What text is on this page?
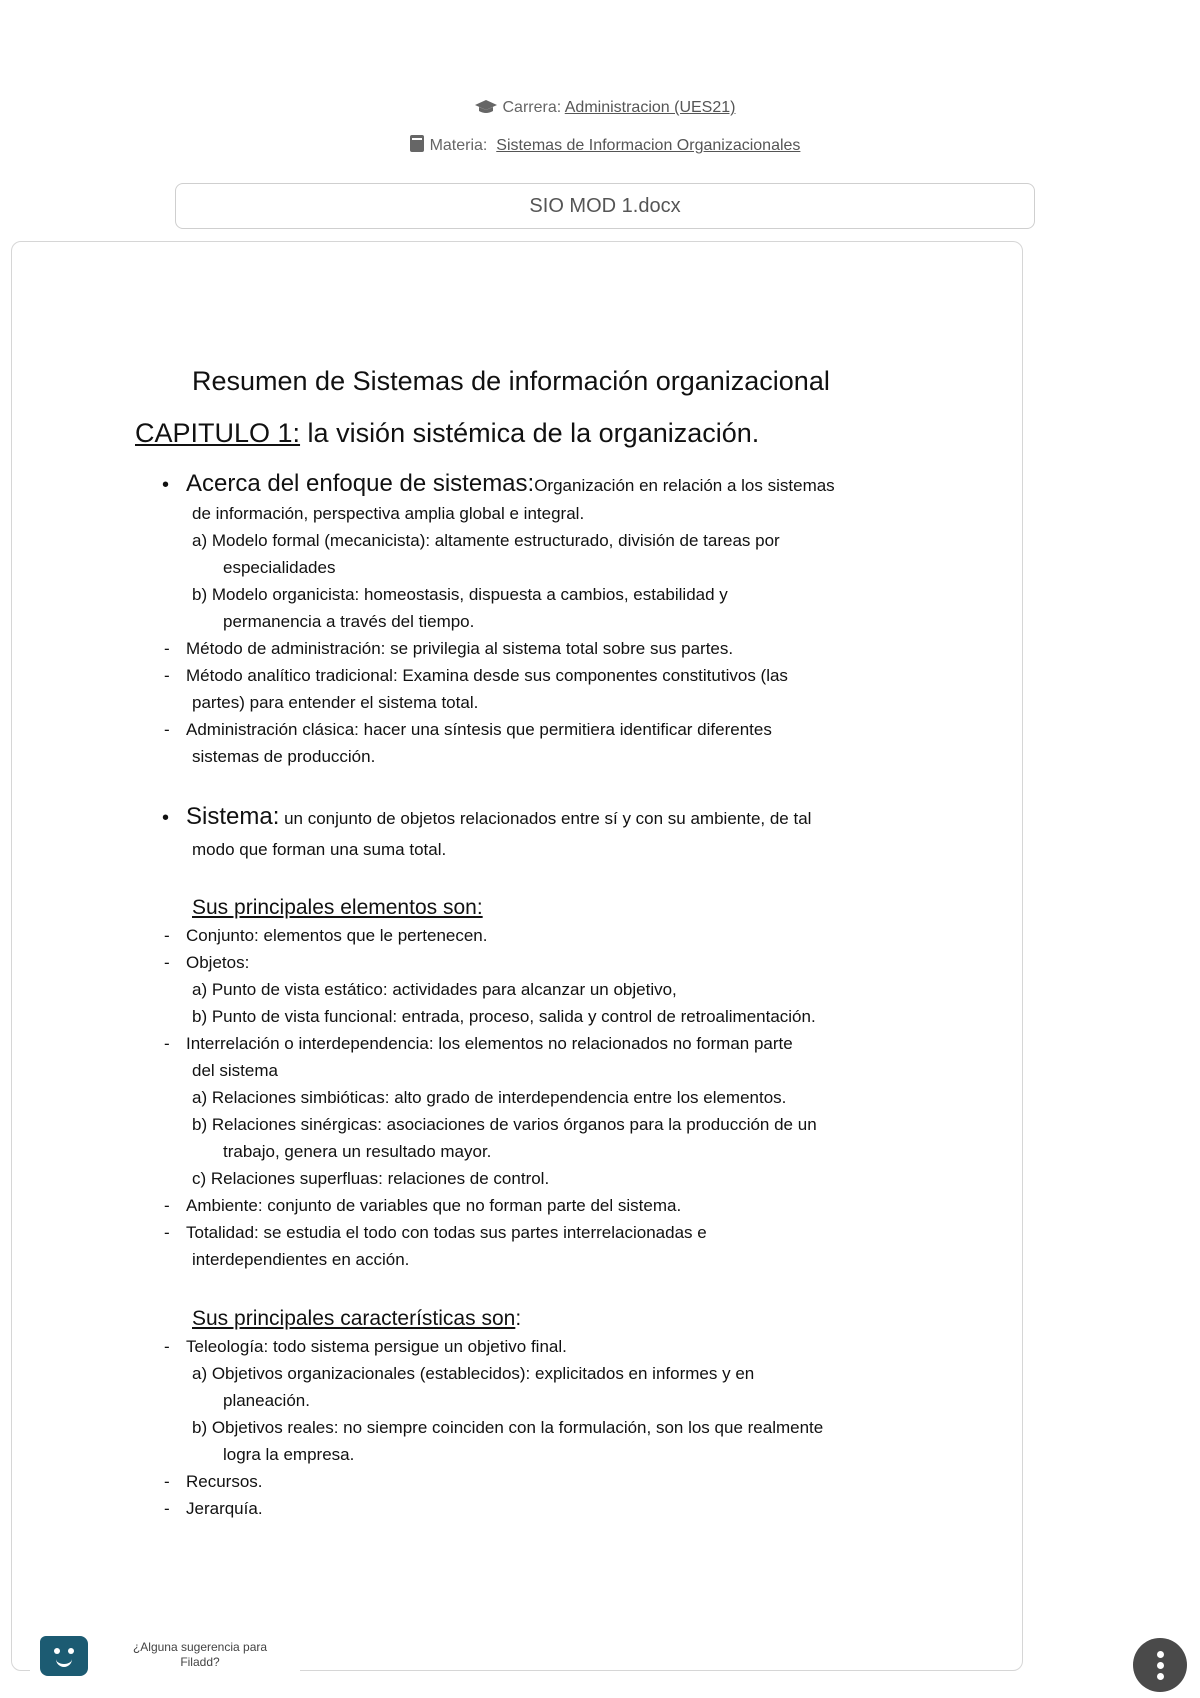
Carrera: Administracion (UES21)
Materia: Sistemas de Informacion Organizacionales
SIO MOD 1.docx
Resumen de Sistemas de información organizacional
CAPITULO 1: la visión sistémica de la organización.
• Acerca del enfoque de sistemas:Organización en relación a los sistemas
de información, perspectiva amplia global e integral.
a) Modelo formal (mecanicista): altamente estructurado, división de tareas por
especialidades
b) Modelo organicista: homeostasis, dispuesta a cambios, estabilidad y
permanencia a través del tiempo.
- Método de administración: se privilegia al sistema total sobre sus partes.
- Método analítico tradicional: Examina desde sus componentes constitutivos (las
partes) para entender el sistema total.
- Administración clásica: hacer una síntesis que permitiera identificar diferentes
sistemas de producción.
• Sistema: un conjunto de objetos relacionados entre sí y con su ambiente, de tal
modo que forman una suma total.
Sus principales elementos son:
- Conjunto: elementos que le pertenecen.
- Objetos:
a) Punto de vista estático: actividades para alcanzar un objetivo,
b) Punto de vista funcional: entrada, proceso, salida y control de retroalimentación.
- Interrelación o interdependencia: los elementos no relacionados no forman parte
del sistema
a) Relaciones simbióticas: alto grado de interdependencia entre los elementos.
b) Relaciones sinérgicas: asociaciones de varios órganos para la producción de un
trabajo, genera un resultado mayor.
c) Relaciones superfluas: relaciones de control.
- Ambiente: conjunto de variables que no forman parte del sistema.
- Totalidad: se estudia el todo con todas sus partes interrelacionadas e
interdependientes en acción.
Sus principales características son:
- Teleología: todo sistema persigue un objetivo final.
a) Objetivos organizacionales (establecidos): explicitados en informes y en
planeación.
b) Objetivos reales: no siempre coinciden con la formulación, son los que realmente
logra la empresa.
- Recursos.
- Jerarquía.
¿Alguna sugerencia para Filadd?
